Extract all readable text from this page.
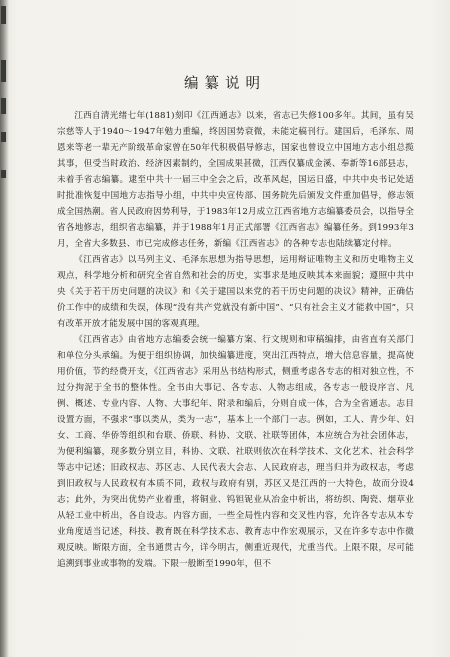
编纂说明

江西自清光绪七年(1881)刻印《江西通志》以来，省志已失修100多年。其间，虽有吴宗慈等人于1940～1947年勉力重编，终因国势衰微，未能定稿刊行。建国后，毛泽东、周恩来等老一辈无产阶级革命家曾在50年代积极倡导修志，国家也曾设立中国地方志小组总揽其事，但受当时政治、经济因素制约，全国成果甚微，江西仅纂成金溪、奉新等16部县志，未着手省志编纂。逮至中共十一届三中全会之后，改革风起，国运日盛，中共中央书记处适时批准恢复中国地方志指导小组，中共中央宣传部、国务院先后颁发文件重加倡导，修志领成全国热潮。省人民政府因势利导，于1983年12月成立江西省地方志编纂委员会，以指导全省各地修志，组织省志编纂，并于1988年1月正式部署《江西省志》编纂任务。到1993年3月，全省大多数县、市已完成修志任务，新编《江西省志》的各种专志也陆续纂定付梓。

《江西省志》以马列主义、毛泽东思想为指导思想，运用辩证唯物主义和历史唯物主义观点，科学地分析和研究全省自然和社会的历史，实事求是地反映其本来面貌；遵照中共中央《关于若干历史问题的决议》和《关于建国以来党的若干历史问题的决议》精神，正确估价工作中的成绩和失误，体现“没有共产党就没有新中国”、“只有社会主义才能救中国”，只有改革开放才能发展中国的客观真理。

《江西省志》由省地方志编委会统一编纂方案、行文规则和审稿编排，由省直有关部门和单位分头承编。为便于组织协调，加快编纂进度，突出江西特点，增大信息容量，提高使用价值，节约经费开支，《江西省志》采用丛书结构形式，侧重考虑各专志的相对独立性，不过分拘泥于全书的整体性。全书由大事记、各专志、人物志组成，各专志一般设序言、凡例、概述、专业内容、人物、大事纪年、附录和编后，分则自成一体，合为全省通志。志目设置方面，不强求“事以类从，类为一志”，基本上一个部门一志。例如，工人、青少年、妇女、工商、华侨等组织和台联、侨联、科协、文联、社联等团体，本应统合为社会团体志，为便利编纂，现多数分别立目，科协、文联、社联则依次在科学技术、文化艺术、社会科学等志中记述；旧政权志、苏区志、人民代表大会志、人民政府志，理当归并为政权志，考虑到旧政权与人民政权有本质不同，政权与政府有别，苏区又是江西的一大特色，故而分设4志；此外，为突出优势产业着重，将铜业、钨钽铌业从冶金中析出，将纺织、陶瓷、烟草业从轻工业中析出，各自设志。内容方面，一些全局性内容和交叉性内容，允许各专志从本专业角度适当记述，科技、教育既在科学技术志、教育志中作宏观展示，又在许多专志中作微观反映。断限方面，全书通贯古今，详今明古，侧重近现代，尤重当代。上限不限，尽可能追溯到事业或事物的发端。下限一般断至1990年，但不
